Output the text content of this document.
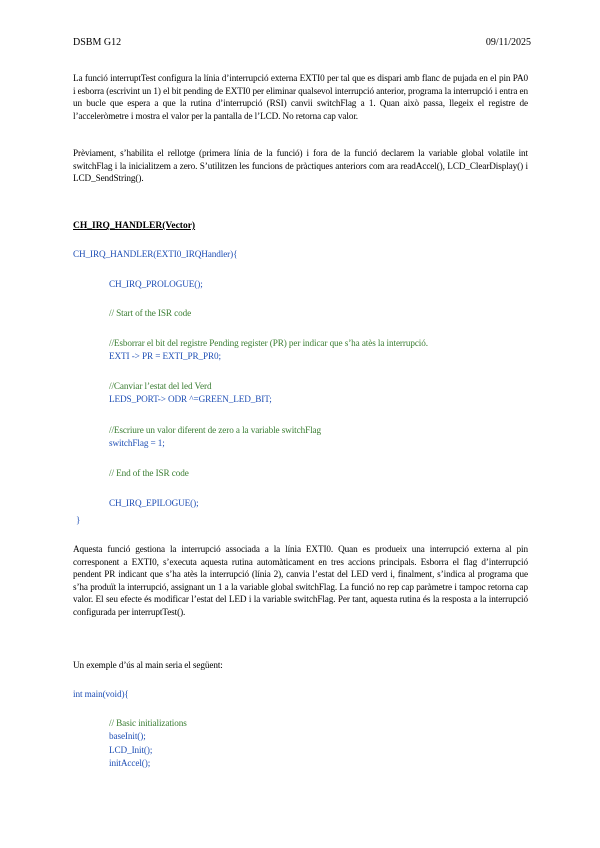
DSBM G12	09/11/2025
La funció interruptTest configura la línia d’interrupció externa EXTI0 per tal que es dispari amb flanc de pujada en el pin PA0 i esborra (escrivint un 1) el bit pending de EXTI0 per eliminar qualsevol interrupció anterior, programa la interrupció i entra en un bucle que espera a que la rutina d’interrupció (RSI) canvii switchFlag a 1. Quan això passa, llegeix el registre de l’acceleròmetre i mostra el valor per la pantalla de l’LCD. No retorna cap valor.
Prèviament, s’habilita el rellotge (primera línia de la funció) i fora de la funció declarem la variable global volatile int switchFlag i la inicialitzem a zero. S’utilitzen les funcions de pràctiques anteriors com ara readAccel(), LCD_ClearDisplay() i LCD_SendString().
CH_IRQ_HANDLER(Vector)
CH_IRQ_HANDLER(EXTI0_IRQHandler){
CH_IRQ_PROLOGUE();
// Start of the ISR code
//Esborrar el bit del registre Pending register (PR) per indicar que s’ha atès la interrupció.
EXTI -> PR = EXTI_PR_PR0;
//Canviar l’estat del led Verd
LEDS_PORT-> ODR ^=GREEN_LED_BIT;
//Escriure un valor diferent de zero a la variable switchFlag
switchFlag = 1;
// End of the ISR code
CH_IRQ_EPILOGUE();
}
Aquesta funció gestiona la interrupció associada a la línia EXTI0. Quan es produeix una interrupció externa al pin corresponent a EXTI0, s’executa aquesta rutina automàticament en tres accions principals. Esborra el flag d’interrupció pendent PR indicant que s’ha atès la interrupció (línia 2), canvia l’estat del LED verd i, finalment, s’indica al programa que s’ha produït la interrupció, assignant un 1 a la variable global switchFlag. La funció no rep cap paràmetre i tampoc retorna cap valor. El seu efecte és modificar l’estat del LED i la variable switchFlag. Per tant, aquesta rutina és la resposta a la interrupció configurada per interruptTest().
Un exemple d’ús al main seria el següent:
int main(void){
// Basic initializations
baseInit();
LCD_Init();
initAccel();
